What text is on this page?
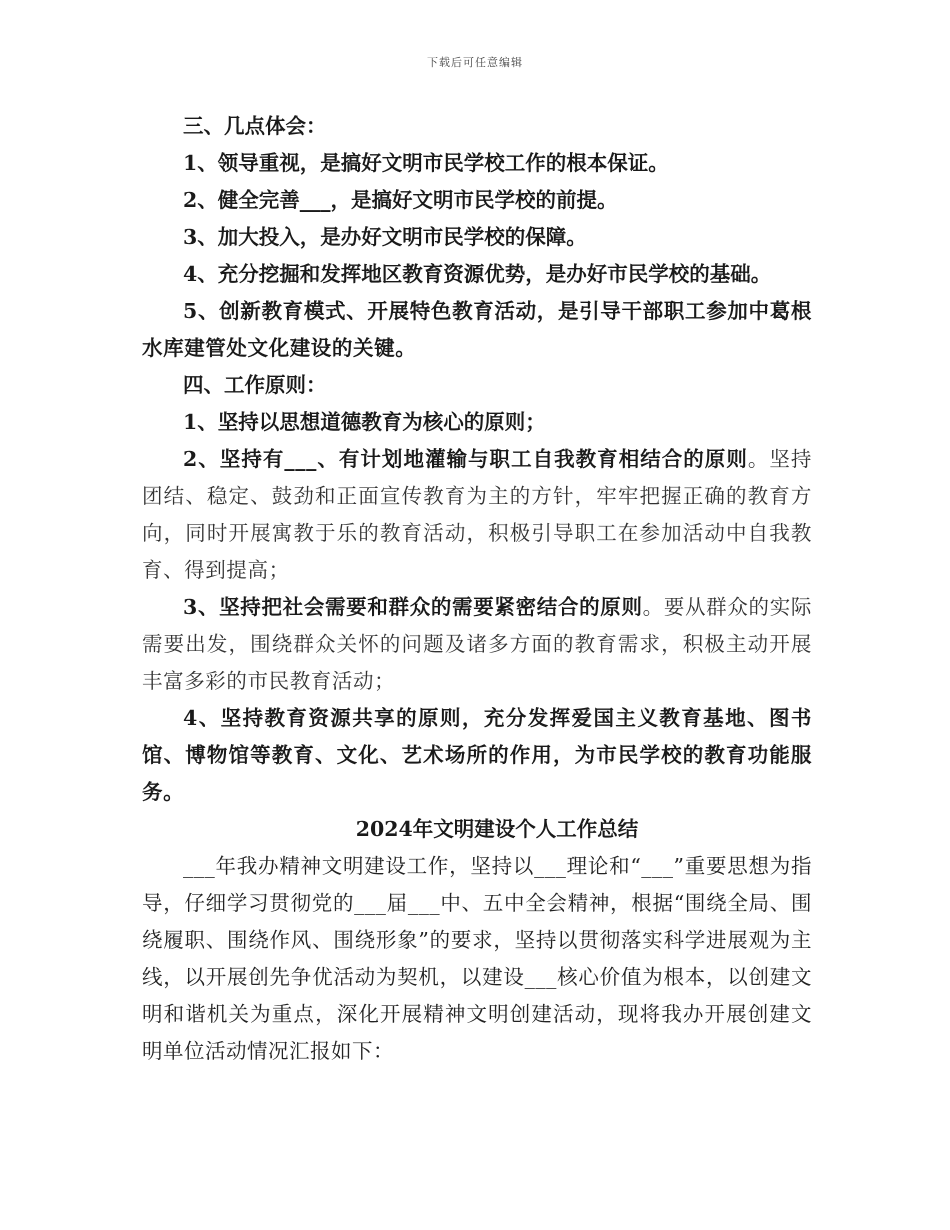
下载后可任意编辑

三、几点体会：

1、领导重视，是搞好文明市民学校工作的根本保证。

2、健全完善___，是搞好文明市民学校的前提。

3、加大投入，是办好文明市民学校的保障。

4、充分挖掘和发挥地区教育资源优势，是办好市民学校的基础。

5、创新教育模式、开展特色教育活动，是引导干部职工参加中葛根水库建管处文化建设的关键。

四、工作原则：

1、坚持以思想道德教育为核心的原则；

2、坚持有___、有计划地灌输与职工自我教育相结合的原则。坚持团结、稳定、鼓劲和正面宣传教育为主的方针，牢牢把握正确的教育方向，同时开展寓教于乐的教育活动，积极引导职工在参加活动中自我教育、得到提高；

3、坚持把社会需要和群众的需要紧密结合的原则。要从群众的实际需要出发，围绕群众关怀的问题及诸多方面的教育需求，积极主动开展丰富多彩的市民教育活动；

4、坚持教育资源共享的原则，充分发挥爱国主义教育基地、图书馆、博物馆等教育、文化、艺术场所的作用，为市民学校的教育功能服务。

2024年文明建设个人工作总结

___年我办精神文明建设工作，坚持以___理论和“___”重要思想为指导，仔细学习贯彻党的___届___中、五中全会精神，根据“围绕全局、围绕履职、围绕作风、围绕形象”的要求，坚持以贯彻落实科学进展观为主线，以开展创先争优活动为契机，以建设___核心价值为根本，以创建文明和谐机关为重点，深化开展精神文明创建活动，现将我办开展创建文明单位活动情况汇报如下：
